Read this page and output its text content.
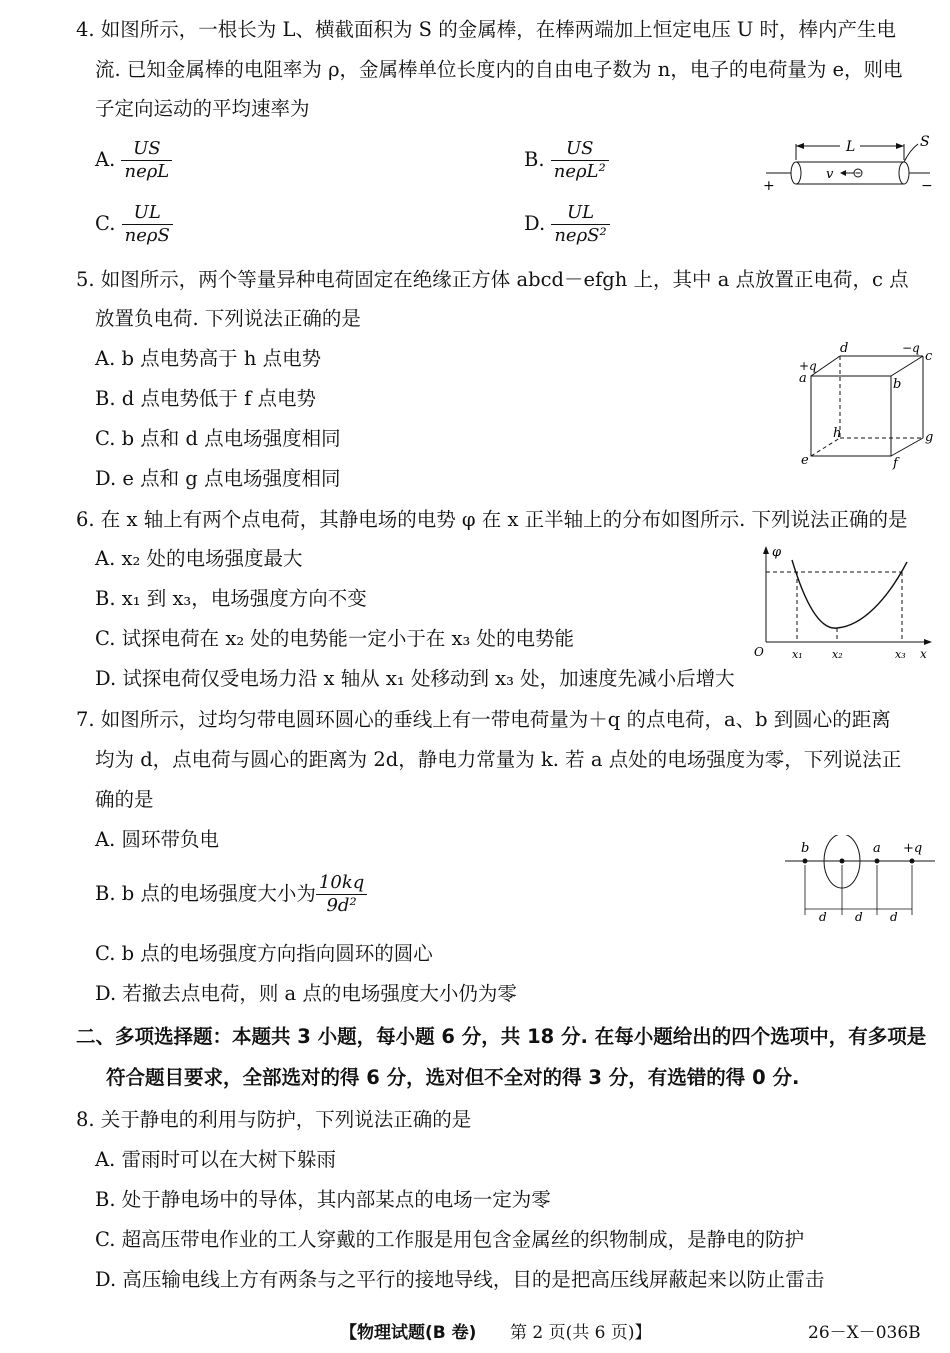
4. 如图所示，一根长为 L、横截面积为 S 的金属棒，在棒两端加上恒定电压 U 时，棒内产生电
流. 已知金属棒的电阻率为 ρ，金属棒单位长度内的自由电子数为 n，电子的电荷量为 e，则电
子定向运动的平均速率为
A. $\frac{US}{\text{neρL}}$	B. $\frac{US}{\text{neρL²}}$
C. $\frac{UL}{\text{neρS}}$	D. $\frac{UL}{\text{neρS²}}$
L
v
S
+	−
5. 如图所示，两个等量异种电荷固定在绝缘正方体 abcd－efgh 上，其中 a 点放置正电荷，c 点
放置负电荷. 下列说法正确的是
A. b 点电势高于 h 点电势
B. d 点电势低于 f 点电势
C. b 点和 d 点电场强度相同
D. e 点和 g 点电场强度相同
+q
a
d	−q
c
b
h	g
e	f
6. 在 x 轴上有两个点电荷，其静电场的电势 φ 在 x 正半轴上的分布如图所示. 下列说法正确的是
A. x₂ 处的电场强度最大
B. x₁ 到 x₃，电场强度方向不变
C. 试探电荷在 x₂ 处的电势能一定小于在 x₃ 处的电势能
D. 试探电荷仅受电场力沿 x 轴从 x₁ 处移动到 x₃ 处，加速度先减小后增大
φ
O	x
x₁	x₂	x₃
7. 如图所示，过均匀带电圆环圆心的垂线上有一带电荷量为＋q 的点电荷，a、b 到圆心的距离
均为 d，点电荷与圆心的距离为 2d，静电力常量为 k. 若 a 点处的电场强度为零，下列说法正
确的是
A. 圆环带负电
B. b 点的电场强度大小为 $\frac{10kq}{\text{9d²}}$
C. b 点的电场强度方向指向圆环的圆心
D. 若撤去点电荷，则 a 点的电场强度大小仍为零
b	a +q
d d d
二、多项选择题：本题共 3 小题，每小题 6 分，共 18 分. 在每小题给出的四个选项中，有多项是
符合题目要求，全部选对的得 6 分，选对但不全对的得 3 分，有选错的得 0 分.
8. 关于静电的利用与防护，下列说法正确的是
A. 雷雨时可以在大树下躲雨
B. 处于静电场中的导体，其内部某点的电场一定为零
C. 超高压带电作业的工人穿戴的工作服是用包含金属丝的织物制成，是静电的防护
D. 高压输电线上方有两条与之平行的接地导线，目的是把高压线屏蔽起来以防止雷击
【物理试题(B 卷) 第 2 页(共 6 页)】	26－X－036B
